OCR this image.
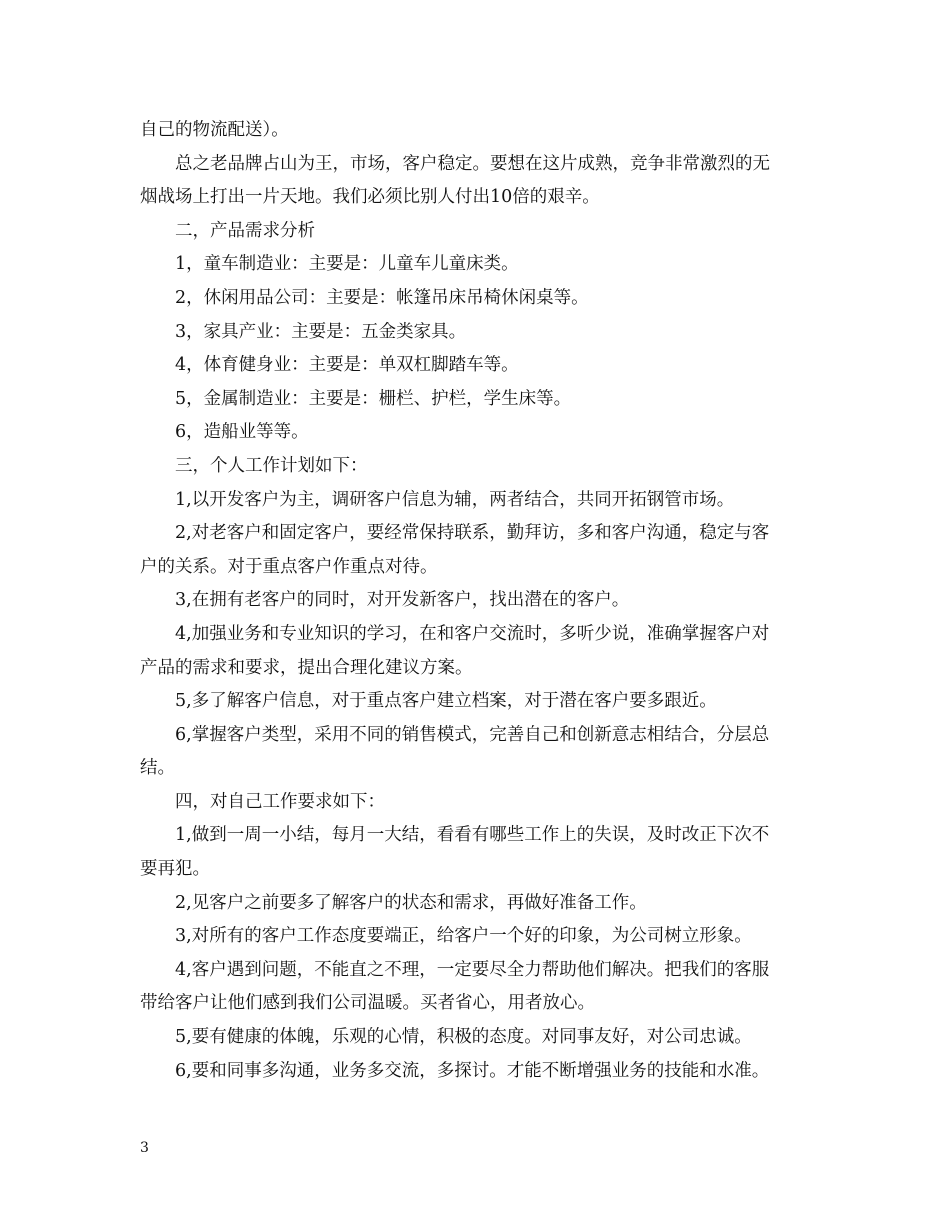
自己的物流配送）。
总之老品牌占山为王，市场，客户稳定。要想在这片成熟，竞争非常激烈的无
烟战场上打出一片天地。我们必须比别人付出10倍的艰辛。
二，产品需求分析
1，童车制造业：主要是：儿童车儿童床类。
2，休闲用品公司：主要是：帐篷吊床吊椅休闲桌等。
3，家具产业：主要是：五金类家具。
4，体育健身业：主要是：单双杠脚踏车等。
5，金属制造业：主要是：栅栏、护栏，学生床等。
6，造船业等等。
三，个人工作计划如下：
1,以开发客户为主，调研客户信息为辅，两者结合，共同开拓钢管市场。
2,对老客户和固定客户，要经常保持联系，勤拜访，多和客户沟通，稳定与客
户的关系。对于重点客户作重点对待。
3,在拥有老客户的同时，对开发新客户，找出潜在的客户。
4,加强业务和专业知识的学习，在和客户交流时，多听少说，准确掌握客户对
产品的需求和要求，提出合理化建议方案。
5,多了解客户信息，对于重点客户建立档案，对于潜在客户要多跟近。
6,掌握客户类型，采用不同的销售模式，完善自己和创新意志相结合，分层总
结。
四，对自己工作要求如下：
1,做到一周一小结，每月一大结，看看有哪些工作上的失误，及时改正下次不
要再犯。
2,见客户之前要多了解客户的状态和需求，再做好准备工作。
3,对所有的客户工作态度要端正，给客户一个好的印象，为公司树立形象。
4,客户遇到问题，不能直之不理，一定要尽全力帮助他们解决。把我们的客服
带给客户让他们感到我们公司温暖。买者省心，用者放心。
5,要有健康的体魄，乐观的心情，积极的态度。对同事友好，对公司忠诚。
6,要和同事多沟通，业务多交流，多探讨。才能不断增强业务的技能和水准。
3
